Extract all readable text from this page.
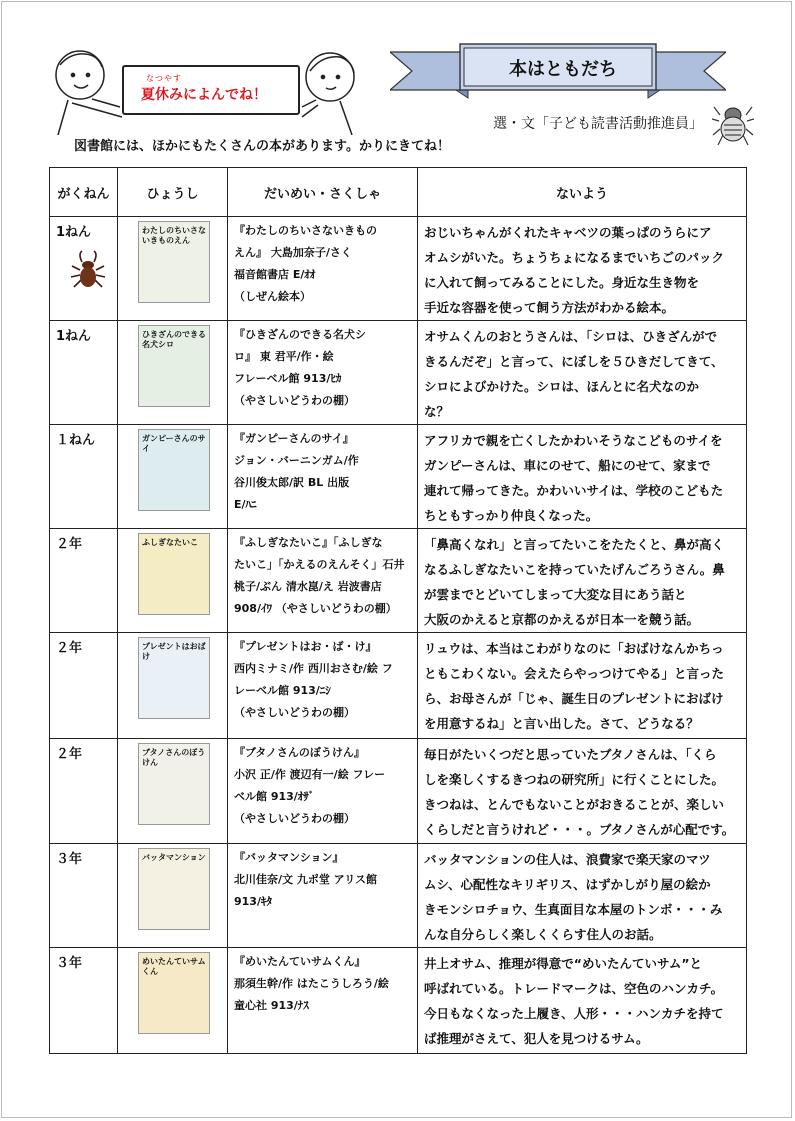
なつやす
夏休みによんでね！
本はともだち
選・文「子ども読書活動推進員」
図書館には、ほかにもたくさんの本があります。かりにきてね！
がくねん	ひょうし	だいめい・さくしゃ	ないよう
1ねん	わたしのちいさないきものえん	『わたしのちいさないきもの
えん』 大島加奈子/さく
福音館書店 E/ｵｵ
（しぜん絵本）	おじいちゃんがくれたキャベツの葉っぱのうらにア
オムシがいた。ちょうちょになるまでいちごのパック
に入れて飼ってみることにした。身近な生き物を
手近な容器を使って飼う方法がわかる絵本。

1ねん	ひきざんのできる名犬シロ	『ひきざんのできる名犬シ
ロ』 東 君平/作・絵
フレーベル館 913/ﾋｶ
（やさしいどうわの棚）	オサムくんのおとうさんは、「シロは、ひきざんがで
きるんだぞ」と言って、にぼしを５ひきだしてきて、
シロによびかけた。シロは、ほんとに名犬なのか
な？

１ねん	ガンピーさんのサイ	『ガンピーさんのサイ』
ジョン・バーニンガム/作
谷川俊太郎/訳 BL 出版
E/ﾊﾆ	アフリカで親を亡くしたかわいそうなこどものサイを
ガンピーさんは、車にのせて、船にのせて、家まで
連れて帰ってきた。かわいいサイは、学校のこどもた
ちともすっかり仲良くなった。

２年	ふしぎなたいこ	『ふしぎなたいこ』「ふしぎな
たいこ」「かえるのえんそく」石井
桃子/ぶん 清水崑/え 岩波書店
908/ｲﾜ （やさしいどうわの棚）	「鼻高くなれ」と言ってたいこをたたくと、鼻が高く
なるふしぎなたいこを持っていたげんごろうさん。鼻
が雲までとどいてしまって大変な目にあう話と
大阪のかえると京都のかえるが日本一を競う話。

２年	プレゼントはおばけ	『プレゼントはお・ば・け』
西内ミナミ/作 西川おさむ/絵 フ
レーベル館 913/ﾆｼ
（やさしいどうわの棚）	リュウは、本当はこわがりなのに「おばけなんかちっ
ともこわくない。会えたらやっつけてやる」と言った
ら、お母さんが「じゃ、誕生日のプレゼントにおばけ
を用意するね」と言い出した。さて、どうなる？

２年	ブタノさんのぼうけん	『ブタノさんのぼうけん』
小沢 正/作 渡辺有一/絵 フレー
ベル館 913/ｵｻﾞ
（やさしいどうわの棚）	毎日がたいくつだと思っていたブタノさんは、「くら
しを楽しくするきつねの研究所」に行くことにした。
きつねは、とんでもないことがおきることが、楽しい
くらしだと言うけれど・・・。ブタノさんが心配です。

３年	バッタマンション	『バッタマンション』
北川佳奈/文 九ポ堂 アリス館
913/ｷﾀ	バッタマンションの住人は、浪費家で楽天家のマツ
ムシ、心配性なキリギリス、はずかしがり屋の絵か
きモンシロチョウ、生真面目な本屋のトンボ・・・み
んな自分らしく楽しくくらす住人のお話。

３年	めいたんていサムくん	『めいたんていサムくん』
那須生幹/作 はたこうしろう/絵
童心社 913/ﾅｽ	井上オサム、推理が得意で“めいたんていサム”と
呼ばれている。トレードマークは、空色のハンカチ。
今日もなくなった上履き、人形・・・ハンカチを持て
ば推理がさえて、犯人を見つけるサム。
